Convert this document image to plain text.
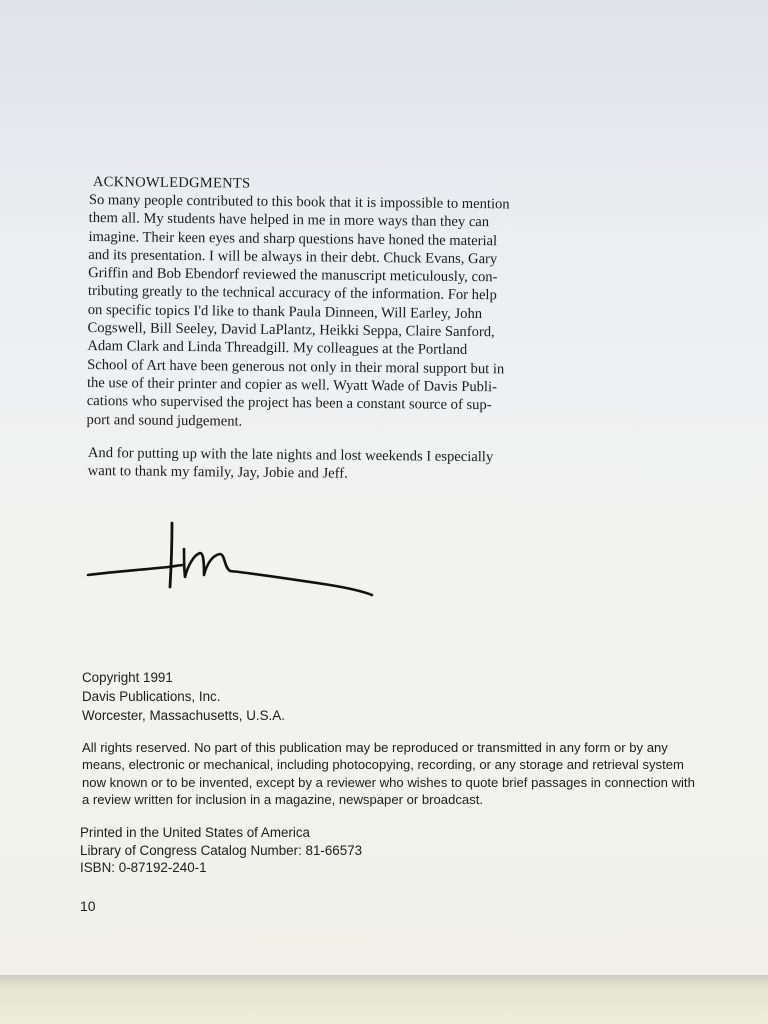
ACKNOWLEDGMENTS
So many people contributed to this book that it is impossible to mention
them all. My students have helped in me in more ways than they can
imagine. Their keen eyes and sharp questions have honed the material
and its presentation. I will be always in their debt. Chuck Evans, Gary
Griffin and Bob Ebendorf reviewed the manuscript meticulously, con-
tributing greatly to the technical accuracy of the information. For help
on specific topics I'd like to thank Paula Dinneen, Will Earley, John
Cogswell, Bill Seeley, David LaPlantz, Heikki Seppa, Claire Sanford,
Adam Clark and Linda Threadgill. My colleagues at the Portland
School of Art have been generous not only in their moral support but in
the use of their printer and copier as well. Wyatt Wade of Davis Publi-
cations who supervised the project has been a constant source of sup-
port and sound judgement.
And for putting up with the late nights and lost weekends I especially
want to thank my family, Jay, Jobie and Jeff.
Copyright 1991
Davis Publications, Inc.
Worcester, Massachusetts, U.S.A.
All rights reserved. No part of this publication may be reproduced or transmitted in any form or by any
means, electronic or mechanical, including photocopying, recording, or any storage and retrieval system
now known or to be invented, except by a reviewer who wishes to quote brief passages in connection with
a review written for inclusion in a magazine, newspaper or broadcast.
Printed in the United States of America
Library of Congress Catalog Number: 81-66573
ISBN: 0-87192-240-1
10
